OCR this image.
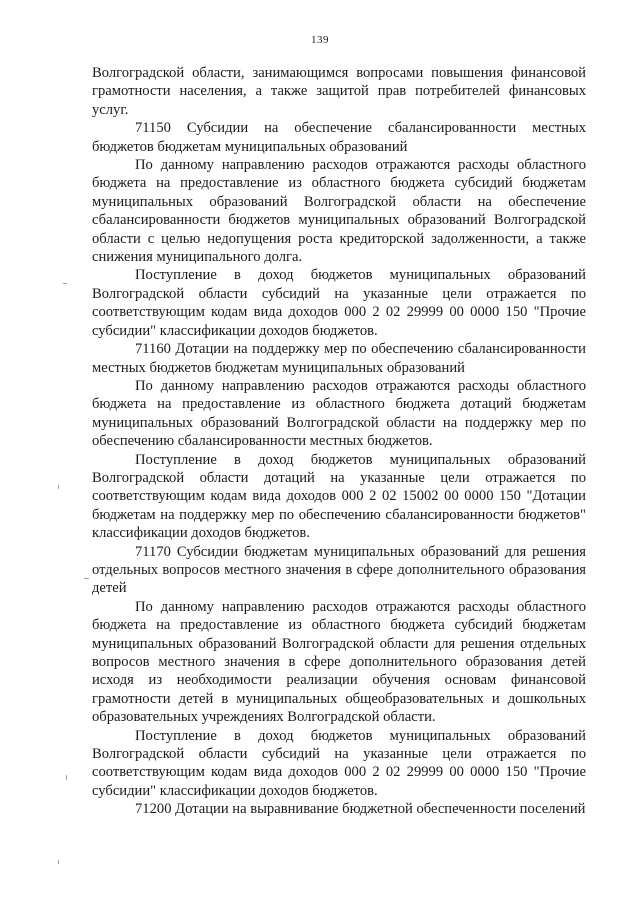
139

Волгоградской области, занимающимся вопросами повышения финансовой грамотности населения, а также защитой прав потребителей финансовых услуг.

71150 Субсидии на обеспечение сбалансированности местных бюджетов бюджетам муниципальных образований

По данному направлению расходов отражаются расходы областного бюджета на предоставление из областного бюджета субсидий бюджетам муниципальных образований Волгоградской области на обеспечение сбалансированности бюджетов муниципальных образований Волгоградской области с целью недопущения роста кредиторской задолженности, а также снижения муниципального долга.

Поступление в доход бюджетов муниципальных образований Волгоградской области субсидий на указанные цели отражается по соответствующим кодам вида доходов 000 2 02 29999 00 0000 150 "Прочие субсидии" классификации доходов бюджетов.

71160 Дотации на поддержку мер по обеспечению сбалансированности местных бюджетов бюджетам муниципальных образований

По данному направлению расходов отражаются расходы областного бюджета на предоставление из областного бюджета дотаций бюджетам муниципальных образований Волгоградской области на поддержку мер по обеспечению сбалансированности местных бюджетов.

Поступление в доход бюджетов муниципальных образований Волгоградской области дотаций на указанные цели отражается по соответствующим кодам вида доходов 000 2 02 15002 00 0000 150 "Дотации бюджетам на поддержку мер по обеспечению сбалансированности бюджетов" классификации доходов бюджетов.

71170 Субсидии бюджетам муниципальных образований для решения отдельных вопросов местного значения в сфере дополнительного образования детей

По данному направлению расходов отражаются расходы областного бюджета на предоставление из областного бюджета субсидий бюджетам муниципальных образований Волгоградской области для решения отдельных вопросов местного значения в сфере дополнительного образования детей исходя из необходимости реализации обучения основам финансовой грамотности детей в муниципальных общеобразовательных и дошкольных образовательных учреждениях Волгоградской области.

Поступление в доход бюджетов муниципальных образований Волгоградской области субсидий на указанные цели отражается по соответствующим кодам вида доходов 000 2 02 29999 00 0000 150 "Прочие субсидии" классификации доходов бюджетов.

71200 Дотации на выравнивание бюджетной обеспеченности поселений
